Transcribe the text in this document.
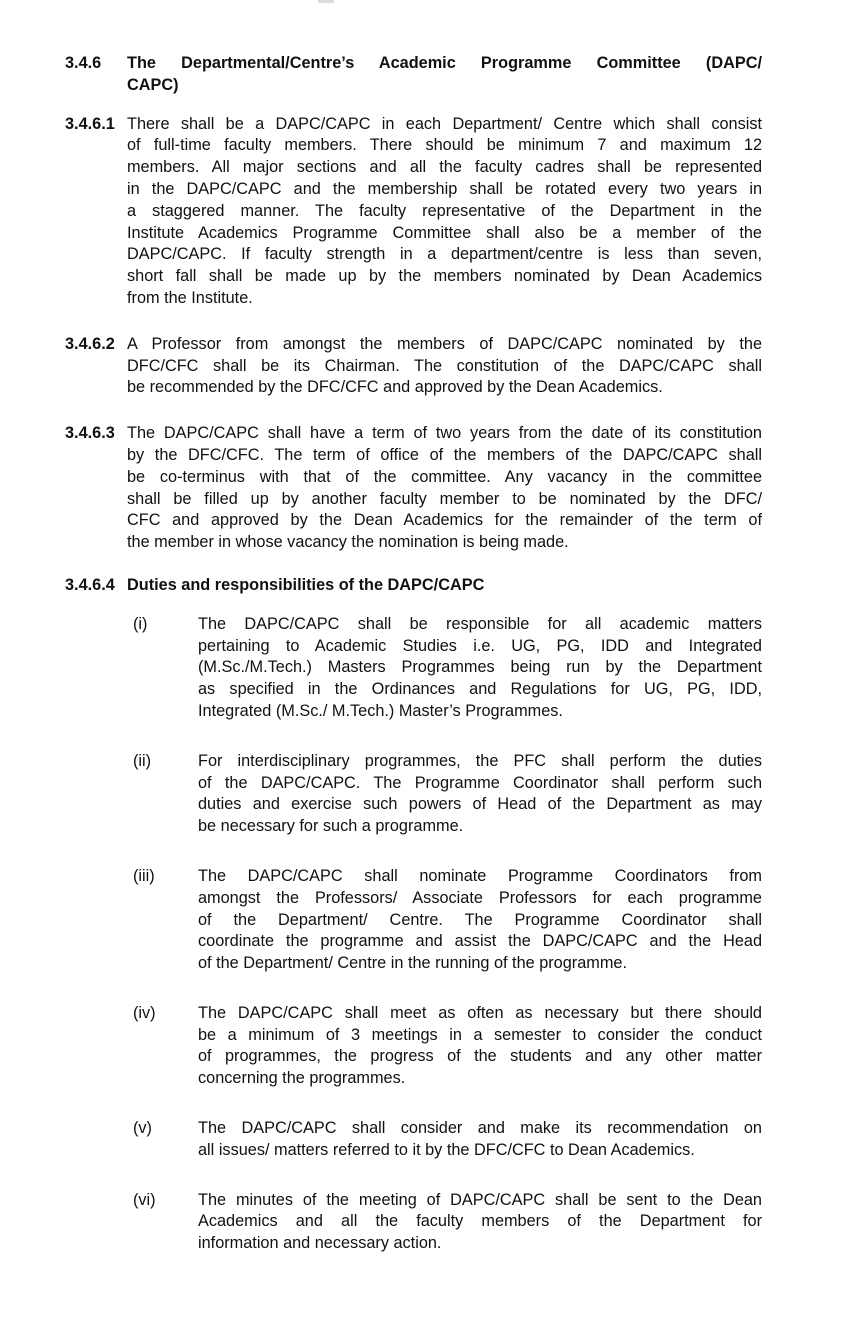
3.4.6	The Departmental/Centre’s Academic Programme Committee (DAPC/
CAPC)
3.4.6.1 There shall be a DAPC/CAPC in each Department/ Centre which shall consist
of full-time faculty members. There should be minimum 7 and maximum 12
members. All major sections and all the faculty cadres shall be represented
in the DAPC/CAPC and the membership shall be rotated every two years in
a staggered manner. The faculty representative of the Department in the
Institute Academics Programme Committee shall also be a member of the
DAPC/CAPC. If faculty strength in a department/centre is less than seven,
short fall shall be made up by the members nominated by Dean Academics
from the Institute.
3.4.6.2 A Professor from amongst the members of DAPC/CAPC nominated by the
DFC/CFC shall be its Chairman. The constitution of the DAPC/CAPC shall
be recommended by the DFC/CFC and approved by the Dean Academics.
3.4.6.3 The DAPC/CAPC shall have a term of two years from the date of its constitution
by the DFC/CFC. The term of office of the members of the DAPC/CAPC shall
be co-terminus with that of the committee. Any vacancy in the committee
shall be filled up by another faculty member to be nominated by the DFC/
CFC and approved by the Dean Academics for the remainder of the term of
the member in whose vacancy the nomination is being made.
3.4.6.4 Duties and responsibilities of the DAPC/CAPC
(i)	The DAPC/CAPC shall be responsible for all academic matters
pertaining to Academic Studies i.e. UG, PG, IDD and Integrated
(M.Sc./M.Tech.) Masters Programmes being run by the Department
as specified in the Ordinances and Regulations for UG, PG, IDD,
Integrated (M.Sc./ M.Tech.) Master’s Programmes.
(ii)	For interdisciplinary programmes, the PFC shall perform the duties
of the DAPC/CAPC. The Programme Coordinator shall perform such
duties and exercise such powers of Head of the Department as may
be necessary for such a programme.
(iii)	The DAPC/CAPC shall nominate Programme Coordinators from
amongst the Professors/ Associate Professors for each programme
of the Department/ Centre. The Programme Coordinator shall
coordinate the programme and assist the DAPC/CAPC and the Head
of the Department/ Centre in the running of the programme.
(iv)	The DAPC/CAPC shall meet as often as necessary but there should
be a minimum of 3 meetings in a semester to consider the conduct
of programmes, the progress of the students and any other matter
concerning the programmes.
(v)	The DAPC/CAPC shall consider and make its recommendation on
all issues/ matters referred to it by the DFC/CFC to Dean Academics.
(vi)	The minutes of the meeting of DAPC/CAPC shall be sent to the Dean
Academics and all the faculty members of the Department for
information and necessary action.
